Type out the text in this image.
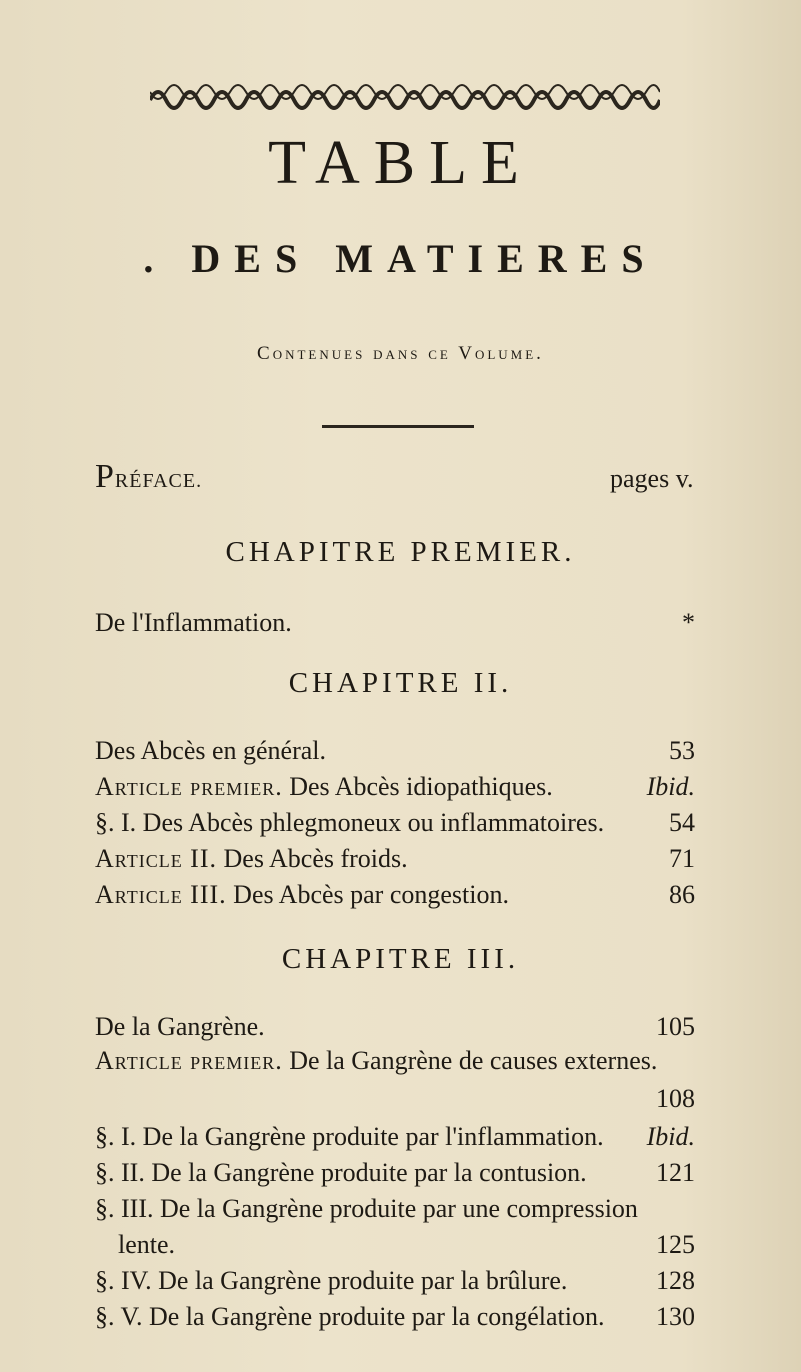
TABLE
. DES MATIERES
Contenues dans ce Volume.
PRÉFACE.	pages v.
CHAPITRE PREMIER.
De l'Inflammation.	*
CHAPITRE II.
Des Abcès en général.	53
Article premier. Des Abcès idiopathiques.	Ibid.
§. I. Des Abcès phlegmoneux ou inflammatoires. 54
Article II. Des Abcès froids.	71
Article III. Des Abcès par congestion.	86
CHAPITRE III.
De la Gangrène.	105
Article premier. De la Gangrène de causes externes.
108
§. I. De la Gangrène produite par l'inflammation. Ibid.
§. II. De la Gangrène produite par la contusion.	121
§. III. De la Gangrène produite par une compression
lente.	125
§. IV. De la Gangrène produite par la brûlure.	128
§. V. De la Gangrène produite par la congélation. 130
